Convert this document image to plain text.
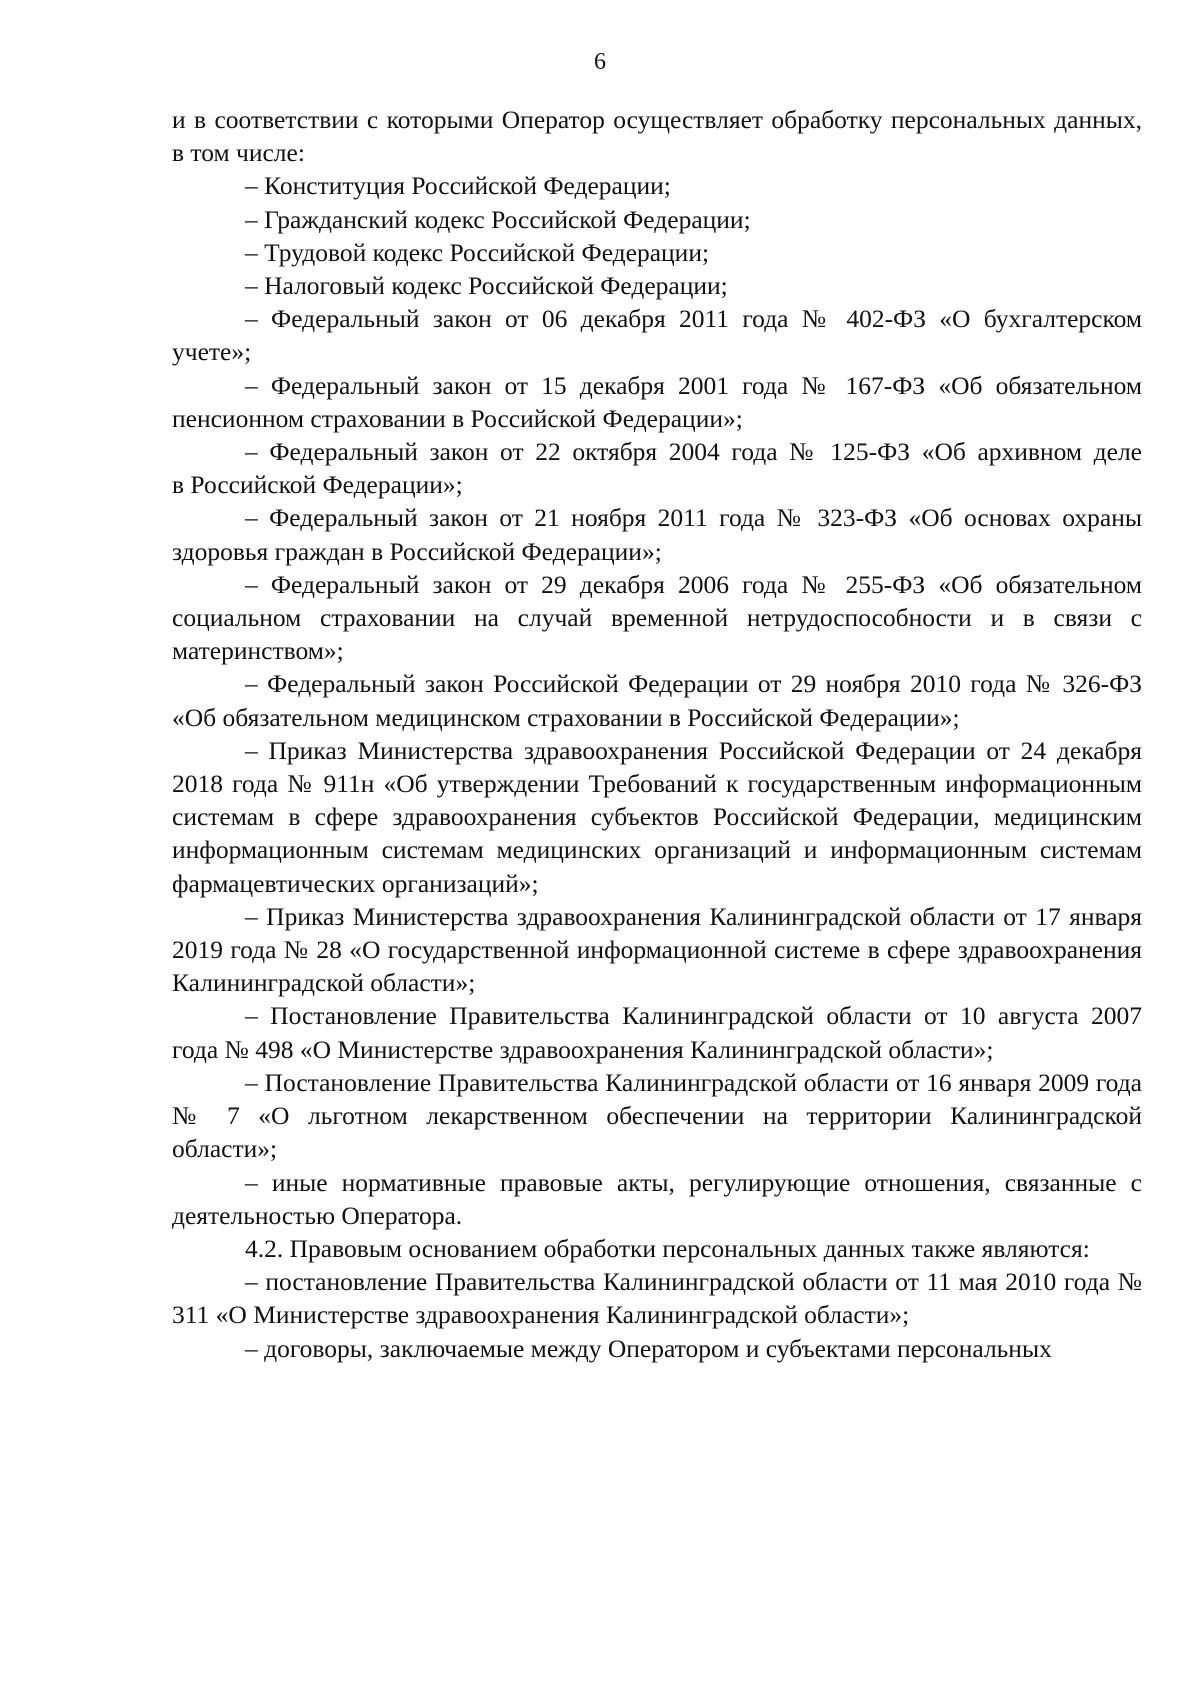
6

и в соответствии с которыми Оператор осуществляет обработку персональных данных, в том числе:

– Конституция Российской Федерации;

– Гражданский кодекс Российской Федерации;

– Трудовой кодекс Российской Федерации;

– Налоговый кодекс Российской Федерации;

– Федеральный закон от 06 декабря 2011 года № 402-ФЗ «О бухгалтерском учете»;

– Федеральный закон от 15 декабря 2001 года № 167-ФЗ «Об обязательном пенсионном страховании в Российской Федерации»;

– Федеральный закон от 22 октября 2004 года № 125-ФЗ «Об архивном деле

в Российской Федерации»;

– Федеральный закон от 21 ноября 2011 года № 323-ФЗ «Об основах охраны здоровья граждан в Российской Федерации»;

– Федеральный закон от 29 декабря 2006 года № 255-ФЗ «Об обязательном социальном страховании на случай временной нетрудоспособности и в связи с материнством»;

– Федеральный закон Российской Федерации от 29 ноября 2010 года № 326-ФЗ «Об обязательном медицинском страховании в Российской Федерации»;

– Приказ Министерства здравоохранения Российской Федерации от 24 декабря 2018 года № 911н «Об утверждении Требований к государственным информационным системам в сфере здравоохранения субъектов Российской Федерации, медицинским информационным системам медицинских организаций и информационным системам фармацевтических организаций»;

– Приказ Министерства здравоохранения Калининградской области от 17 января 2019 года № 28 «О государственной информационной системе в сфере здравоохранения Калининградской области»;

– Постановление Правительства Калининградской области от 10 августа 2007 года № 498 «О Министерстве здравоохранения Калининградской области»;

– Постановление Правительства Калининградской области от 16 января 2009 года № 7 «О льготном лекарственном обеспечении на территории Калининградской области»;

– иные нормативные правовые акты, регулирующие отношения, связанные с деятельностью Оператора.

4.2. Правовым основанием обработки персональных данных также являются:

– постановление Правительства Калининградской области от 11 мая 2010 года № 311 «О Министерстве здравоохранения Калининградской области»;

– договоры, заключаемые между Оператором и субъектами персональных
